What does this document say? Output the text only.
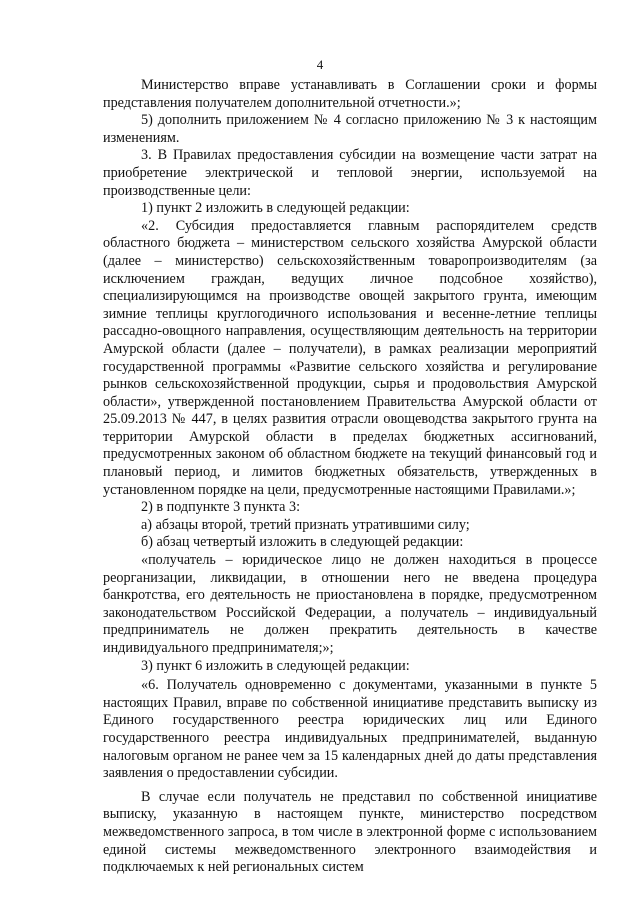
4

Министерство вправе устанавливать в Соглашении сроки и формы представления получателем дополнительной отчетности.»;

5) дополнить приложением № 4 согласно приложению № 3 к настоящим изменениям.

3. В Правилах предоставления субсидии на возмещение части затрат на приобретение электрической и тепловой энергии, используемой на производственные цели:

1) пункт 2 изложить в следующей редакции:

«2. Субсидия предоставляется главным распорядителем средств областного бюджета – министерством сельского хозяйства Амурской области (далее – министерство) сельскохозяйственным товаропроизводителям (за исключением граждан, ведущих личное подсобное хозяйство), специализирующимся на производстве овощей закрытого грунта, имеющим зимние теплицы круглогодичного использования и весенне-летние теплицы рассадно-овощного направления, осуществляющим деятельность на территории Амурской области (далее – получатели), в рамках реализации мероприятий государственной программы «Развитие сельского хозяйства и регулирование рынков сельскохозяйственной продукции, сырья и продовольствия Амурской области», утвержденной постановлением Правительства Амурской области от 25.09.2013 № 447, в целях развития отрасли овощеводства закрытого грунта на территории Амурской области в пределах бюджетных ассигнований, предусмотренных законом об областном бюджете на текущий финансовый год и плановый период, и лимитов бюджетных обязательств, утвержденных в установленном порядке на цели, предусмотренные настоящими Правилами.»;

2) в подпункте 3 пункта 3:

а) абзацы второй, третий признать утратившими силу;

б) абзац четвертый изложить в следующей редакции:

«получатель – юридическое лицо не должен находиться в процессе реорганизации, ликвидации, в отношении него не введена процедура банкротства, его деятельность не приостановлена в порядке, предусмотренном законодательством Российской Федерации, а получатель – индивидуальный предприниматель не должен прекратить деятельность в качестве индивидуального предпринимателя;»;

3) пункт 6 изложить в следующей редакции:

«6. Получатель одновременно с документами, указанными в пункте 5 настоящих Правил, вправе по собственной инициативе представить выписку из Единого государственного реестра юридических лиц или Единого государственного реестра индивидуальных предпринимателей, выданную налоговым органом не ранее чем за 15 календарных дней до даты представления заявления о предоставлении субсидии.

В случае если получатель не представил по собственной инициативе выписку, указанную в настоящем пункте, министерство посредством межведомственного запроса, в том числе в электронной форме с использованием единой системы межведомственного электронного взаимодействия и подключаемых к ней региональных систем
